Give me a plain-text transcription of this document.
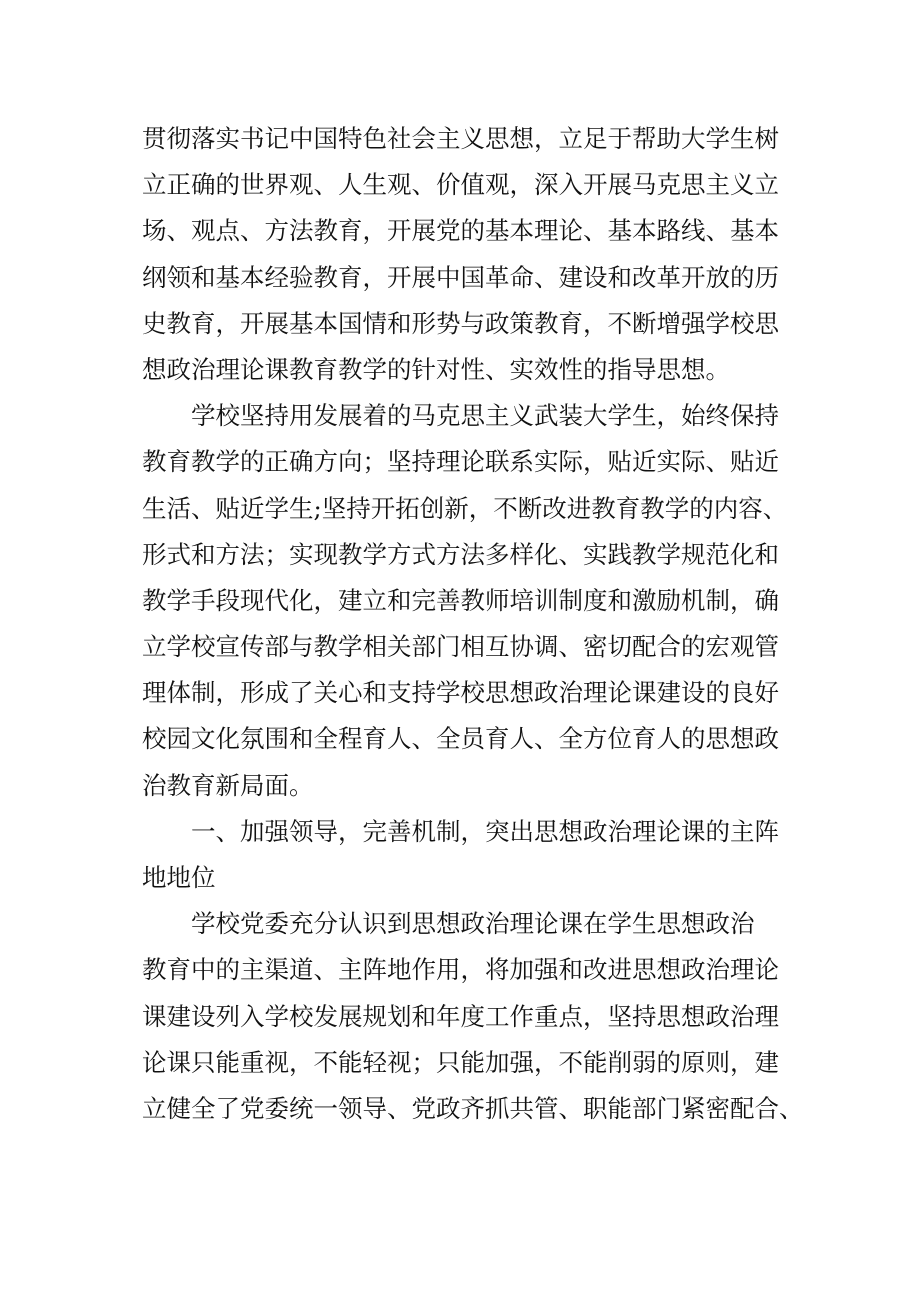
贯彻落实书记中国特色社会主义思想，立足于帮助大学生树
立正确的世界观、人生观、价值观，深入开展马克思主义立
场、观点、方法教育，开展党的基本理论、基本路线、基本
纲领和基本经验教育，开展中国革命、建设和改革开放的历
史教育，开展基本国情和形势与政策教育，不断增强学校思
想政治理论课教育教学的针对性、实效性的指导思想。
学校坚持用发展着的马克思主义武装大学生，始终保持
教育教学的正确方向；坚持理论联系实际，贴近实际、贴近
生活、贴近学生;坚持开拓创新，不断改进教育教学的内容、
形式和方法；实现教学方式方法多样化、实践教学规范化和
教学手段现代化，建立和完善教师培训制度和激励机制，确
立学校宣传部与教学相关部门相互协调、密切配合的宏观管
理体制，形成了关心和支持学校思想政治理论课建设的良好
校园文化氛围和全程育人、全员育人、全方位育人的思想政
治教育新局面。
一、加强领导，完善机制，突出思想政治理论课的主阵
地地位
学校党委充分认识到思想政治理论课在学生思想政治
教育中的主渠道、主阵地作用，将加强和改进思想政治理论
课建设列入学校发展规划和年度工作重点，坚持思想政治理
论课只能重视，不能轻视；只能加强，不能削弱的原则，建
立健全了党委统一领导、党政齐抓共管、职能部门紧密配合、
